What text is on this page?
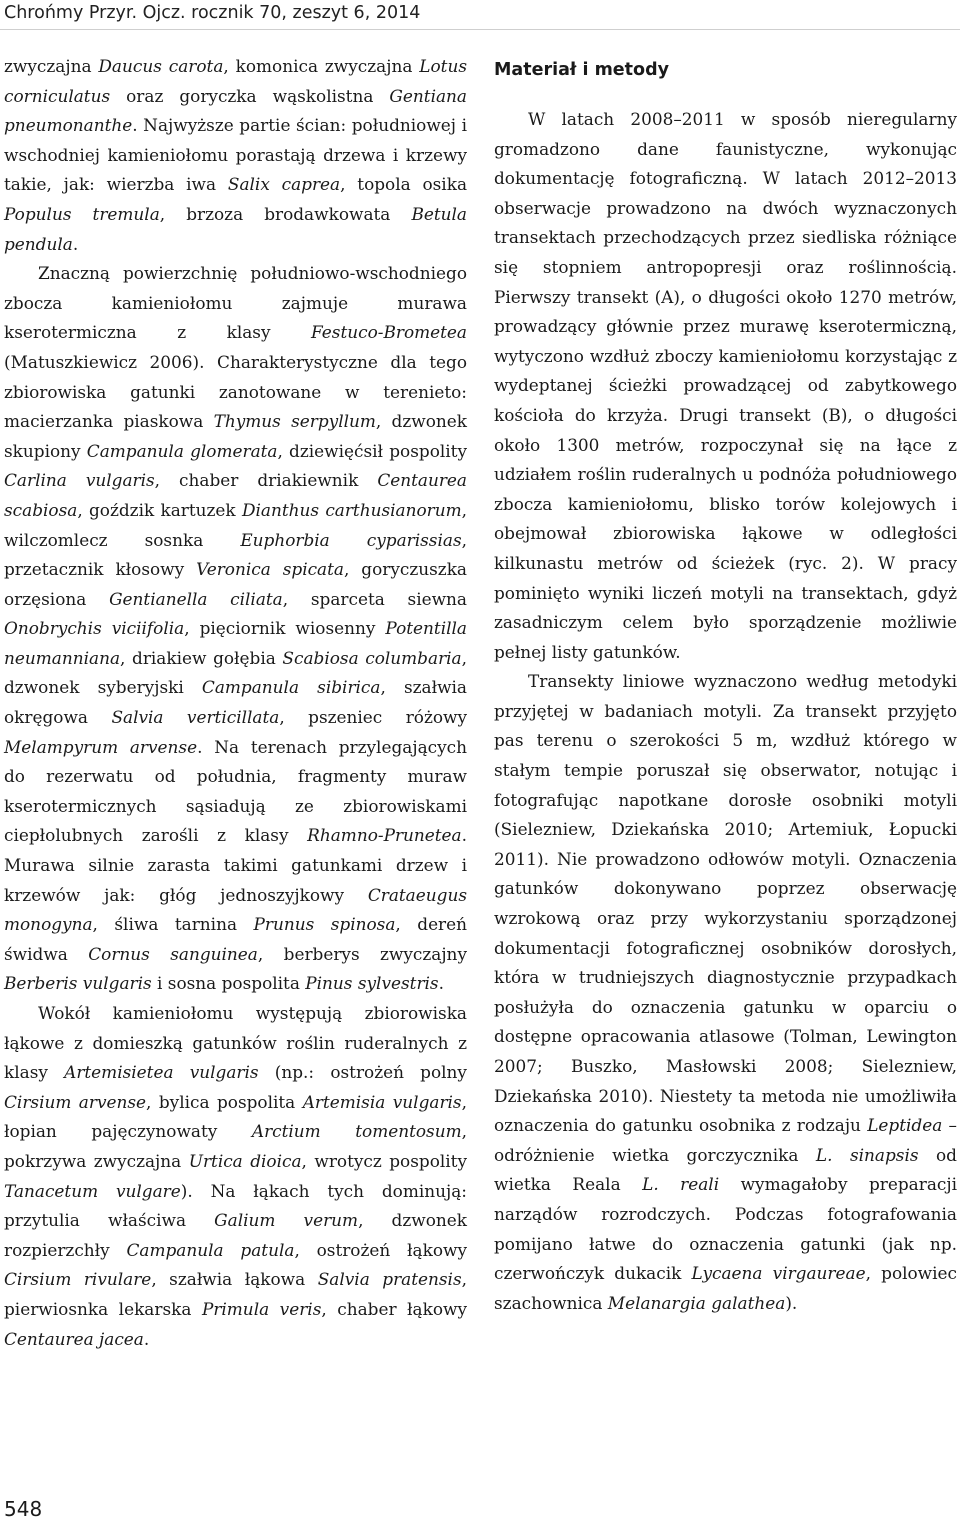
Chrońmy Przyr. Ojcz. rocznik 70, zeszyt 6, 2014

zwyczajna Daucus carota, komonica zwyczajna Lotus corniculatus oraz goryczka wąskolistna Gentiana pneumonanthe. Najwyższe partie ścian: południowej i wschodniej kamieniołomu porastają drzewa i krzewy takie, jak: wierzba iwa Salix caprea, topola osika Populus tremula, brzoza brodawkowata Betula pendula.

Znaczną powierzchnię południowo-wschodniego zbocza kamieniołomu zajmuje murawa kserotermiczna z klasy Festuco-Brometea (Matuszkiewicz 2006). Charakterystyczne dla tego zbiorowiska gatunki zanotowane w terenieto: macierzanka piaskowa Thymus serpyllum, dzwonek skupiony Campanula glomerata, dziewięćsił pospolity Carlina vulgaris, chaber driakiewnik Centaurea scabiosa, goździk kartuzek Dianthus carthusianorum, wilczomlecz sosnka Euphorbia cyparissias, przetacznik kłosowy Veronica spicata, goryczuszka orzęsiona Gentianella ciliata, sparceta siewna Onobrychis viciifolia, pięciornik wiosenny Potentilla neumanniana, driakiew gołębia Scabiosa columbaria, dzwonek syberyjski Campanula sibirica, szałwia okręgowa Salvia verticillata, pszeniec różowy Melampyrum arvense. Na terenach przylegających do rezerwatu od południa, fragmenty muraw kserotermicznych sąsiadują ze zbiorowiskami ciepłolubnych zarośli z klasy Rhamno-Prunetea. Murawa silnie zarasta takimi gatunkami drzew i krzewów jak: głóg jednoszyjkowy Crataeugus monogyna, śliwa tarnina Prunus spinosa, dereń świdwa Cornus sanguinea, berberys zwyczajny Berberis vulgaris i sosna pospolita Pinus sylvestris.

Wokół kamieniołomu występują zbiorowiska łąkowe z domieszką gatunków roślin ruderalnych z klasy Artemisietea vulgaris (np.: ostrożeń polny Cirsium arvense, bylica pospolita Artemisia vulgaris, łopian pajęczynowaty Arctium tomentosum, pokrzywa zwyczajna Urtica dioica, wrotycz pospolity Tanacetum vulgare). Na łąkach tych dominują: przytulia właściwa Galium verum, dzwonek rozpierzchły Campanula patula, ostrożeń łąkowy Cirsium rivulare, szałwia łąkowa Salvia pratensis, pierwiosnka lekarska Primula veris, chaber łąkowy Centaurea jacea.

Materiał i metody

W latach 2008–2011 w sposób nieregularny gromadzono dane faunistyczne, wykonując dokumentację fotograficzną. W latach 2012–2013 obserwacje prowadzono na dwóch wyznaczonych transektach przechodzących przez siedliska różniące się stopniem antropopresji oraz roślinnością. Pierwszy transekt (A), o długości około 1270 metrów, prowadzący głównie przez murawę kserotermiczną, wytyczono wzdłuż zboczy kamieniołomu korzystając z wydeptanej ścieżki prowadzącej od zabytkowego kościoła do krzyża. Drugi transekt (B), o długości około 1300 metrów, rozpoczynał się na łące z udziałem roślin ruderalnych u podnóża południowego zbocza kamieniołomu, blisko torów kolejowych i obejmował zbiorowiska łąkowe w odległości kilkunastu metrów od ścieżek (ryc. 2). W pracy pominięto wyniki liczeń motyli na transektach, gdyż zasadniczym celem było sporządzenie możliwie pełnej listy gatunków.

Transekty liniowe wyznaczono według metodyki przyjętej w badaniach motyli. Za transekt przyjęto pas terenu o szerokości 5 m, wzdłuż którego w stałym tempie poruszał się obserwator, notując i fotografując napotkane dorosłe osobniki motyli (Sielezniew, Dziekańska 2010; Artemiuk, Łopucki 2011). Nie prowadzono odłowów motyli. Oznaczenia gatunków dokonywano poprzez obserwację wzrokową oraz przy wykorzystaniu sporządzonej dokumentacji fotograficznej osobników dorosłych, która w trudniejszych diagnostycznie przypadkach posłużyła do oznaczenia gatunku w oparciu o dostępne opracowania atlasowe (Tolman, Lewington 2007; Buszko, Masłowski 2008; Sielezniew, Dziekańska 2010). Niestety ta metoda nie umożliwiła oznaczenia do gatunku osobnika z rodzaju Leptidea – odróżnienie wietka gorczycznika L. sinapsis od wietka Reala L. reali wymagałoby preparacji narządów rozrodczych. Podczas fotografowania pomijano łatwe do oznaczenia gatunki (jak np. czerwończyk dukacik Lycaena virgaureae, polowiec szachownica Melanargia galathea).

548
